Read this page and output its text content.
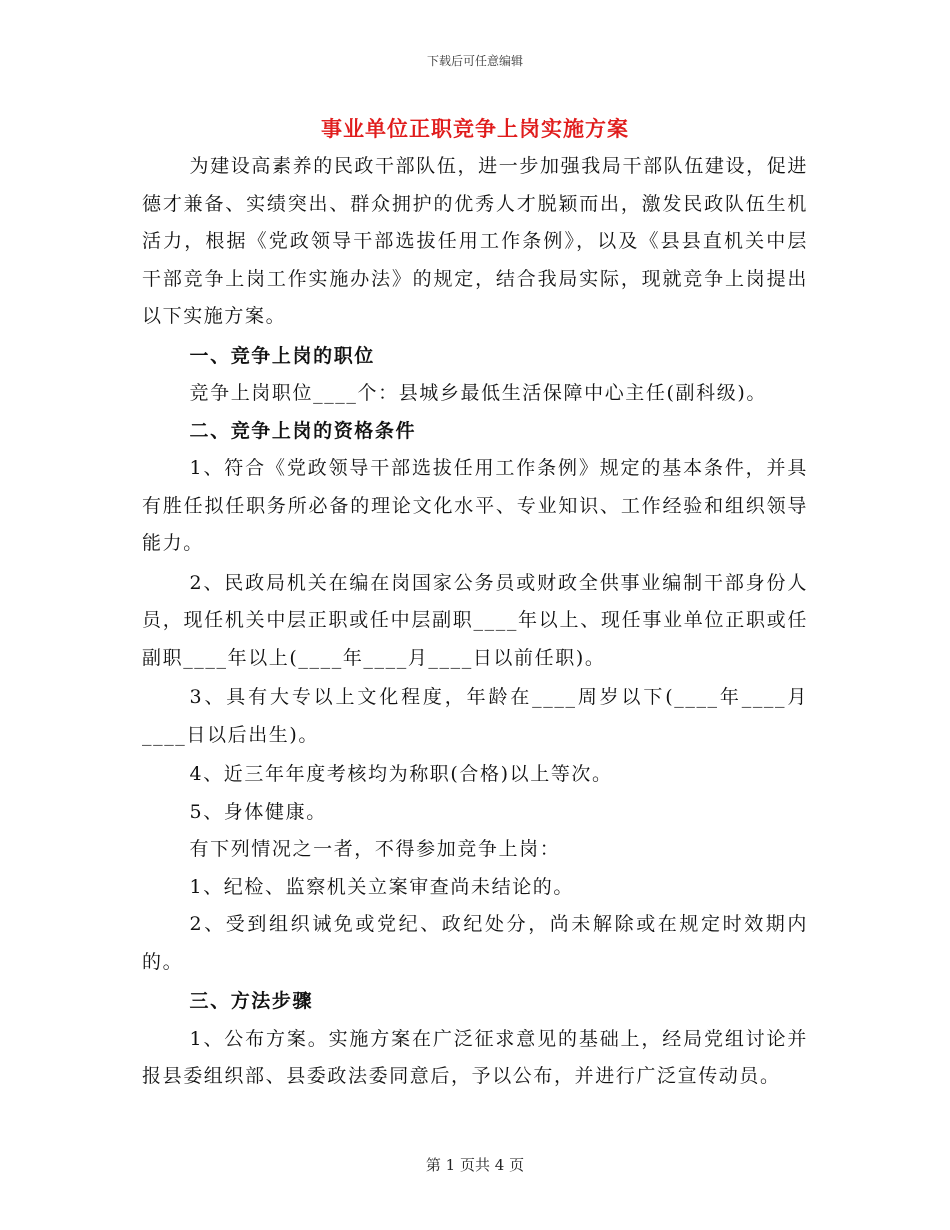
下载后可任意编辑
事业单位正职竞争上岗实施方案

为建设高素养的民政干部队伍，进一步加强我局干部队伍建设，促进德才兼备、实绩突出、群众拥护的优秀人才脱颖而出，激发民政队伍生机活力，根据《党政领导干部选拔任用工作条例》，以及《县县直机关中层干部竞争上岗工作实施办法》的规定，结合我局实际，现就竞争上岗提出以下实施方案。

一、竞争上岗的职位

竞争上岗职位____个：县城乡最低生活保障中心主任(副科级)。

二、竞争上岗的资格条件

1、符合《党政领导干部选拔任用工作条例》规定的基本条件，并具有胜任拟任职务所必备的理论文化水平、专业知识、工作经验和组织领导能力。

2、民政局机关在编在岗国家公务员或财政全供事业编制干部身份人员，现任机关中层正职或任中层副职____年以上、现任事业单位正职或任副职____年以上(____年____月____日以前任职)。

3、具有大专以上文化程度，年龄在____周岁以下(____年____月____日以后出生)。

4、近三年年度考核均为称职(合格)以上等次。

5、身体健康。

有下列情况之一者，不得参加竞争上岗：

1、纪检、监察机关立案审查尚未结论的。

2、受到组织诫免或党纪、政纪处分，尚未解除或在规定时效期内的。

三、方法步骤

1、公布方案。实施方案在广泛征求意见的基础上，经局党组讨论并报县委组织部、县委政法委同意后，予以公布，并进行广泛宣传动员。

第 1 页共 4 页
